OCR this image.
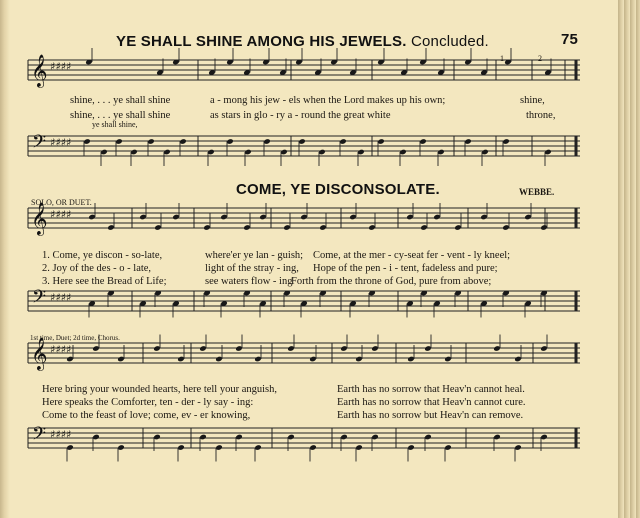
𝄞 ♯♯♯♯
𝄢 ♯♯♯♯
𝄞 ♯♯♯♯
𝄢 ♯♯♯♯
𝄞 ♯♯♯♯
𝄢 ♯♯♯♯
YE SHALL SHINE AMONG HIS JEWELS. Concluded.	75
1	2
shine, . . . ye shall shine	a - mong his jew - els when the Lord makes up his own;	shine,
shine, . . . ye shall shine	as stars in glo - ry a - round the great white	throne,
ye shall shine,
COME, YE DISCONSOLATE.	WEBBE.
SOLO, OR DUET.
1. Come, ye discon - so-late,	where'er ye lan - guish; Come, at the mer - cy-seat fer - vent - ly kneel;
2. Joy of the des - o - late,	light of the stray - ing, Hope of the pen - i - tent, fadeless and pure;
3. Here see the Bread of Life;	see waters flow - ing
Forth from the throne of God, pure from above;
1st time, Duet; 2d time, Chorus.
Here bring your wounded hearts, here tell your anguish,	Earth has no sorrow that Heav'n cannot heal.
Here speaks the Comforter, ten - der - ly say - ing:	Earth has no sorrow that Heav'n cannot cure.
Come to the feast of love; come, ev - er knowing,	Earth has no sorrow but Heav'n can remove.
